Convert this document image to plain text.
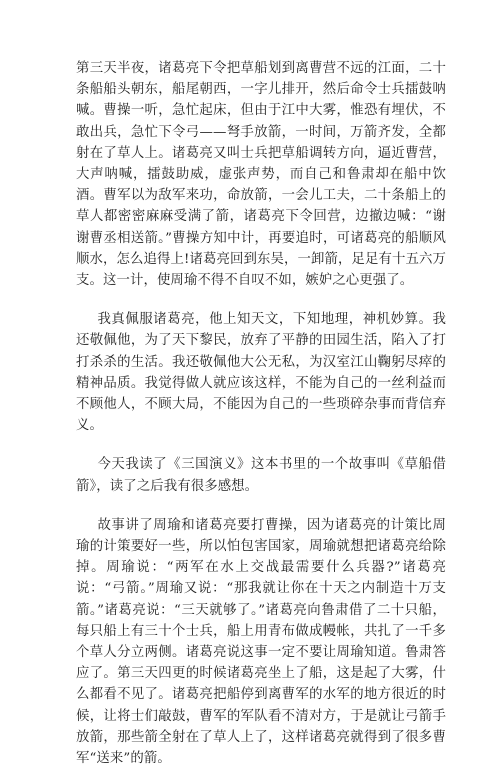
第三天半夜，诸葛亮下令把草船划到离曹营不远的江面，二十条船船头朝东，船尾朝西，一字儿排开，然后命令士兵擂鼓呐喊。曹操一听，急忙起床，但由于江中大雾，惟恐有埋伏，不敢出兵，急忙下令弓——弩手放箭，一时间，万箭齐发，全都射在了草人上。诸葛亮又叫士兵把草船调转方向，逼近曹营，大声呐喊，擂鼓助威，虚张声势，而自己和鲁肃却在船中饮酒。曹军以为敌军来功，命放箭，一会儿工夫，二十条船上的草人都密密麻麻受满了箭，诸葛亮下令回营，边撤边喊：“谢谢曹丞相送箭。”曹操方知中计，再要追时，可诸葛亮的船顺风顺水，怎么追得上!诸葛亮回到东吴，一卸箭，足足有十五六万支。这一计，使周瑜不得不自叹不如，嫉妒之心更强了。

我真佩服诸葛亮，他上知天文，下知地理，神机妙算。我还敬佩他，为了天下黎民，放弃了平静的田园生活，陷入了打打杀杀的生活。我还敬佩他大公无私，为汉室江山鞠躬尽瘁的精神品质。我觉得做人就应该这样，不能为自己的一丝利益而不顾他人，不顾大局，不能因为自己的一些琐碎杂事而背信弃义。

今天我读了《三国演义》这本书里的一个故事叫《草船借箭》，读了之后我有很多感想。

故事讲了周瑜和诸葛亮要打曹操，因为诸葛亮的计策比周瑜的计策要好一些，所以怕包害国家，周瑜就想把诸葛亮给除掉。周瑜说：“两军在水上交战最需要什么兵器?”诸葛亮说：“弓箭。”周瑜又说：“那我就让你在十天之内制造十万支箭。”诸葛亮说：“三天就够了。”诸葛亮向鲁肃借了二十只船，每只船上有三十个士兵，船上用青布做成幔帐，共扎了一千多个草人分立两侧。诸葛亮说这事一定不要让周瑜知道。鲁肃答应了。第三天四更的时候诸葛亮坐上了船，这是起了大雾，什么都看不见了。诸葛亮把船停到离曹军的水军的地方很近的时候，让将士们敲鼓，曹军的军队看不清对方，于是就让弓箭手放箭，那些箭全射在了草人上了，这样诸葛亮就得到了很多曹军“送来”的箭。
